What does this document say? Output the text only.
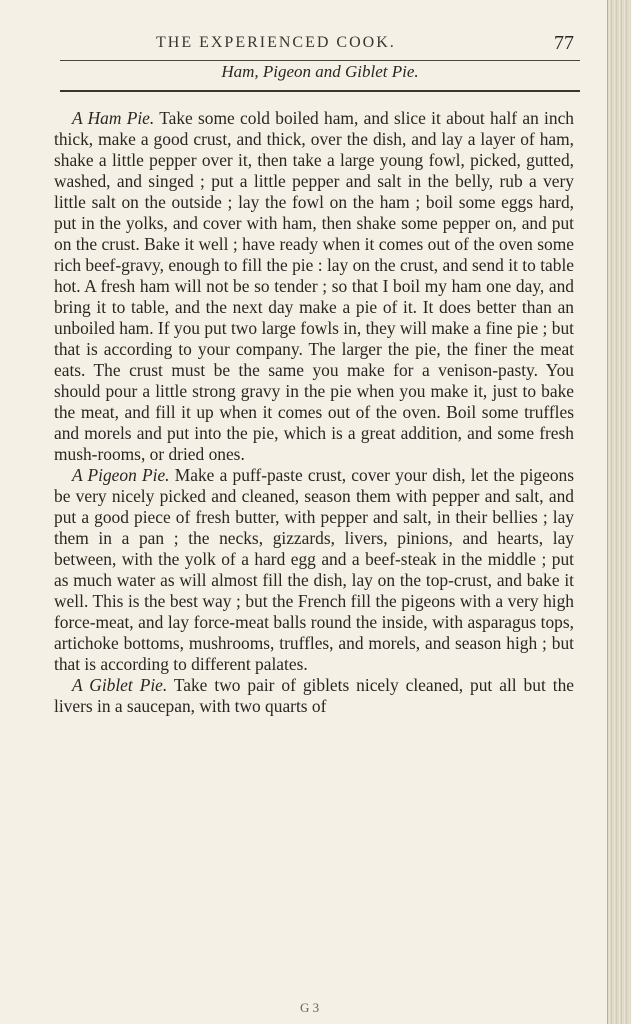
THE EXPERIENCED COOK.	77
Ham, Pigeon and Giblet Pie.

A Ham Pie. Take some cold boiled ham, and slice it about half an inch thick, make a good crust, and thick, over the dish, and lay a layer of ham, shake a little pepper over it, then take a large young fowl, picked, gutted, washed, and singed ; put a little pepper and salt in the belly, rub a very little salt on the outside ; lay the fowl on the ham ; boil some eggs hard, put in the yolks, and cover with ham, then shake some pepper on, and put on the crust. Bake it well ; have ready when it comes out of the oven some rich beef-gravy, enough to fill the pie : lay on the crust, and send it to table hot. A fresh ham will not be so tender ; so that I boil my ham one day, and bring it to table, and the next day make a pie of it. It does better than an unboiled ham. If you put two large fowls in, they will make a fine pie ; but that is according to your company. The larger the pie, the finer the meat eats. The crust must be the same you make for a venison-pasty. You should pour a little strong gravy in the pie when you make it, just to bake the meat, and fill it up when it comes out of the oven. Boil some truffles and morels and put into the pie, which is a great addition, and some fresh mush-rooms, or dried ones.

A Pigeon Pie. Make a puff-paste crust, cover your dish, let the pigeons be very nicely picked and cleaned, season them with pepper and salt, and put a good piece of fresh butter, with pepper and salt, in their bellies ; lay them in a pan ; the necks, gizzards, livers, pinions, and hearts, lay between, with the yolk of a hard egg and a beef-steak in the middle ; put as much water as will almost fill the dish, lay on the top-crust, and bake it well. This is the best way ; but the French fill the pigeons with a very high force-meat, and lay force-meat balls round the inside, with asparagus tops, artichoke bottoms, mushrooms, truffles, and morels, and season high ; but that is according to different palates.

A Giblet Pie. Take two pair of giblets nicely cleaned, put all but the livers in a saucepan, with two quarts of

G 3
